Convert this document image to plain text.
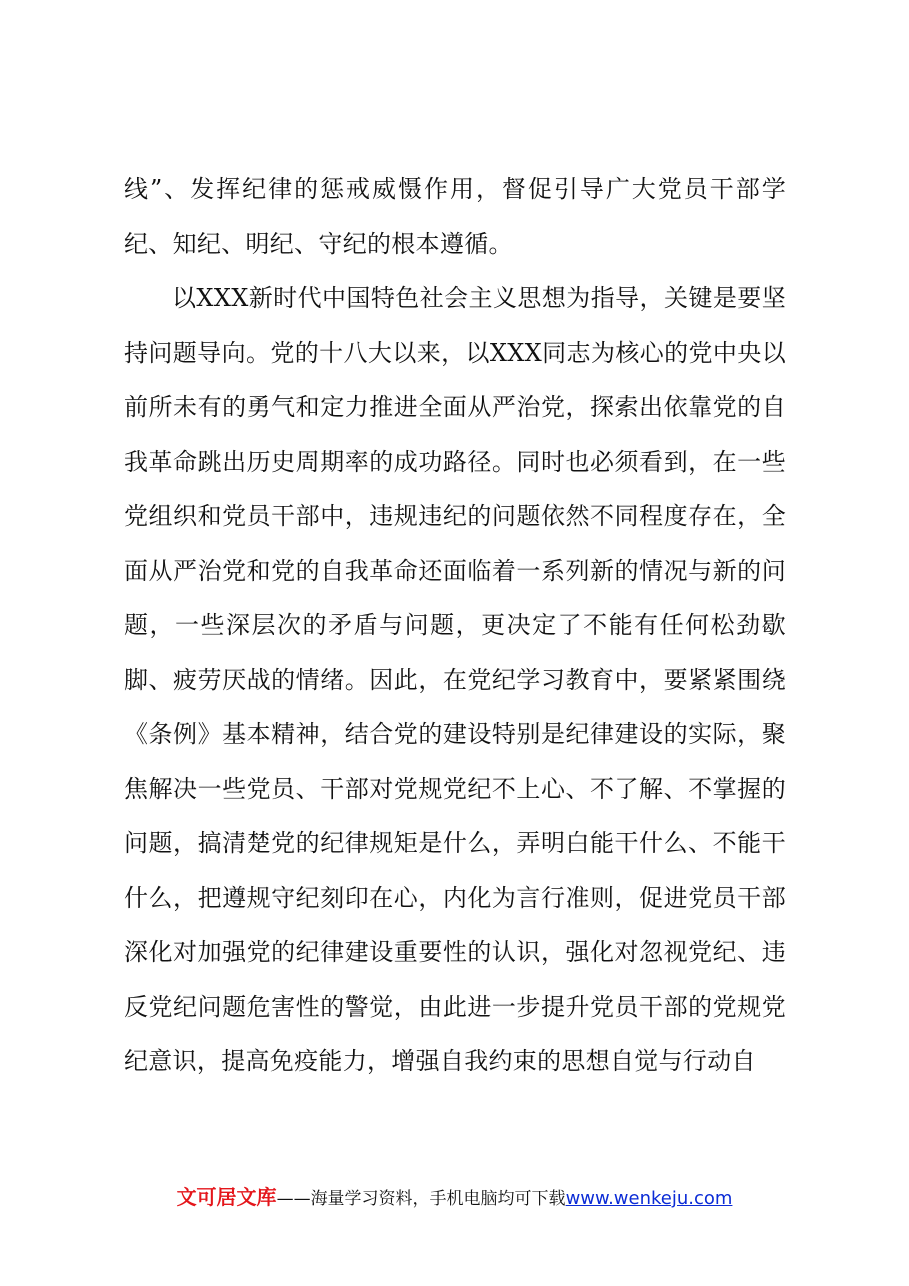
线”、发挥纪律的惩戒威慑作用，督促引导广大党员干部学纪、知纪、明纪、守纪的根本遵循。

以XXX新时代中国特色社会主义思想为指导，关键是要坚持问题导向。党的十八大以来，以XXX同志为核心的党中央以前所未有的勇气和定力推进全面从严治党，探索出依靠党的自我革命跳出历史周期率的成功路径。同时也必须看到，在一些党组织和党员干部中，违规违纪的问题依然不同程度存在，全面从严治党和党的自我革命还面临着一系列新的情况与新的问题，一些深层次的矛盾与问题，更决定了不能有任何松劲歇脚、疲劳厌战的情绪。因此，在党纪学习教育中，要紧紧围绕《条例》基本精神，结合党的建设特别是纪律建设的实际，聚焦解决一些党员、干部对党规党纪不上心、不了解、不掌握的问题，搞清楚党的纪律规矩是什么，弄明白能干什么、不能干什么，把遵规守纪刻印在心，内化为言行准则，促进党员干部深化对加强党的纪律建设重要性的认识，强化对忽视党纪、违反党纪问题危害性的警觉，由此进一步提升党员干部的党规党纪意识，提高免疫能力，增强自我约束的思想自觉与行动自

文可居文库——海量学习资料，手机电脑均可下载www.wenkeju.com
